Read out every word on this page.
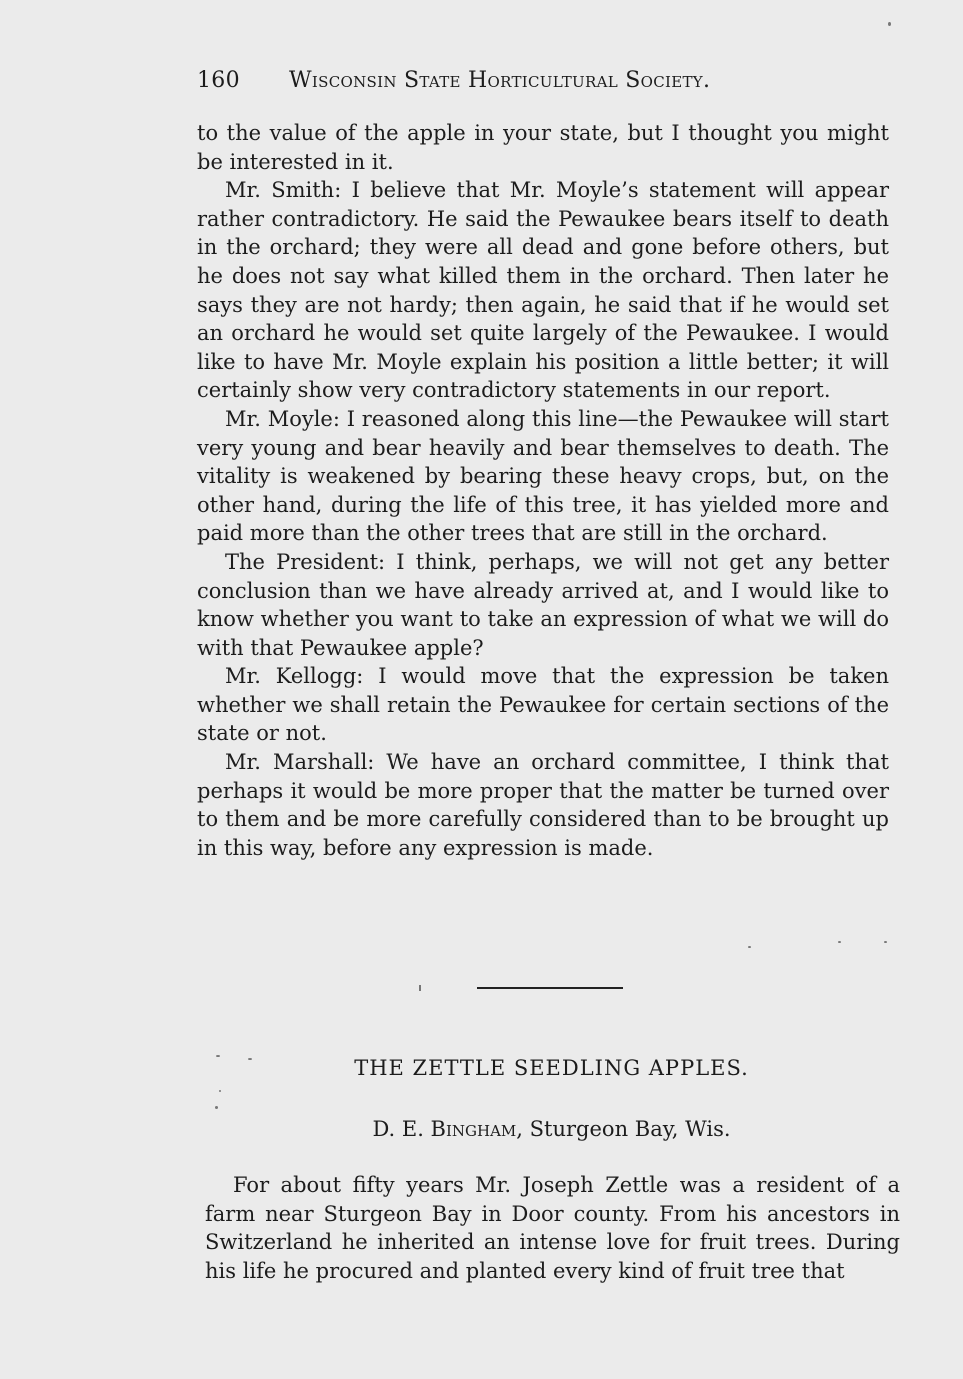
160 Wisconsin State Horticultural Society.

to the value of the apple in your state, but I thought you might be interested in it.

Mr. Smith: I believe that Mr. Moyle’s statement will appear rather contradictory. He said the Pewaukee bears itself to death in the orchard; they were all dead and gone before others, but he does not say what killed them in the orchard. Then later he says they are not hardy; then again, he said that if he would set an orchard he would set quite largely of the Pewaukee. I would like to have Mr. Moyle explain his position a little better; it will certainly show very contradictory statements in our report.

Mr. Moyle: I reasoned along this line—the Pewaukee will start very young and bear heavily and bear themselves to death. The vitality is weakened by bearing these heavy crops, but, on the other hand, during the life of this tree, it has yielded more and paid more than the other trees that are still in the orchard.

The President: I think, perhaps, we will not get any better conclusion than we have already arrived at, and I would like to know whether you want to take an expression of what we will do with that Pewaukee apple?

Mr. Kellogg: I would move that the expression be taken whether we shall retain the Pewaukee for certain sections of the state or not.

Mr. Marshall: We have an orchard committee, I think that perhaps it would be more proper that the matter be turned over to them and be more carefully considered than to be brought up in this way, before any expression is made.

THE ZETTLE SEEDLING APPLES.
D. E. Bingham, Sturgeon Bay, Wis.

For about fifty years Mr. Joseph Zettle was a resident of a farm near Sturgeon Bay in Door county. From his ancestors in Switzerland he inherited an intense love for fruit trees. During his life he procured and planted every kind of fruit tree that
